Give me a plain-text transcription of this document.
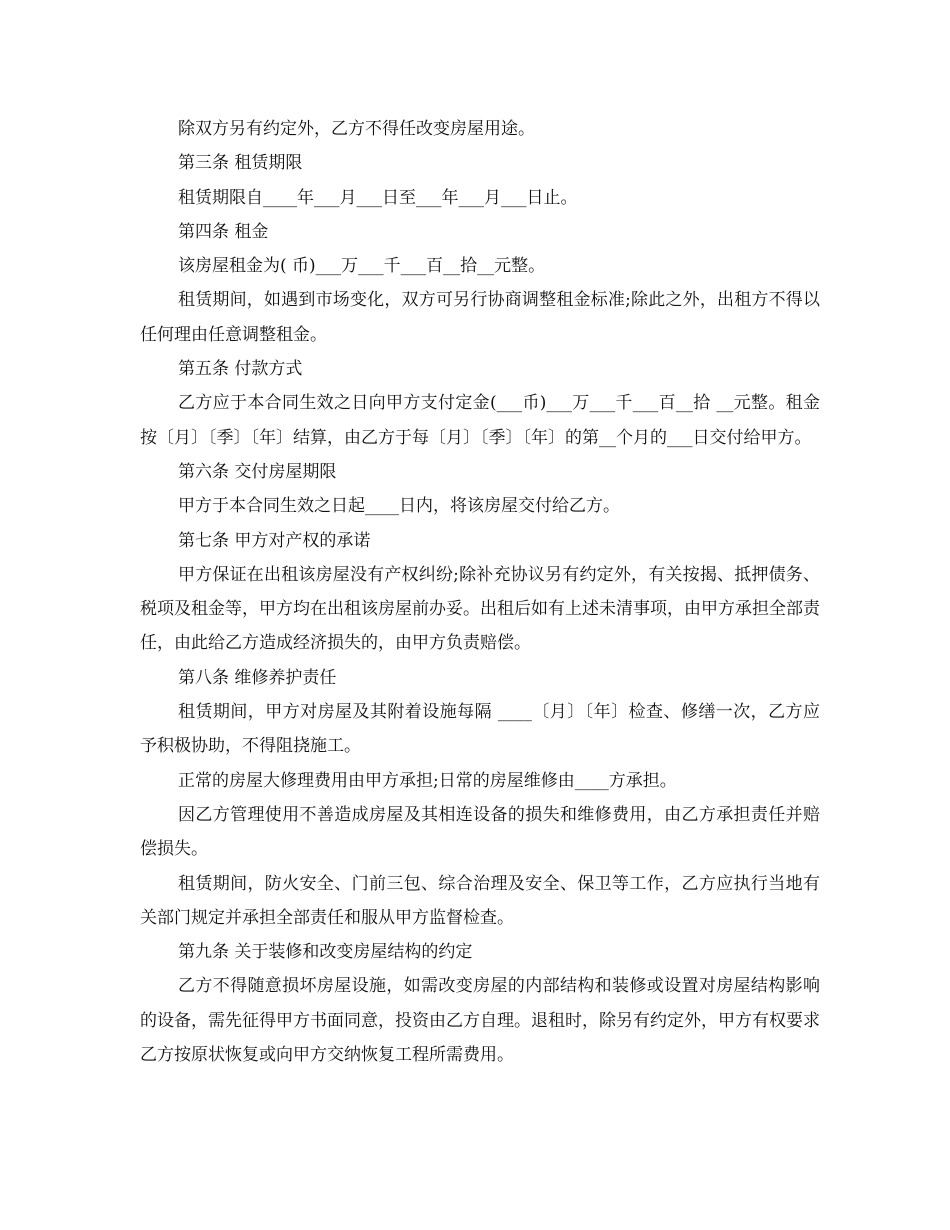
除双方另有约定外，乙方不得任改变房屋用途。

第三条 租赁期限

租赁期限自____年___月___日至___年___月___日止。

第四条 租金

该房屋租金为( 币)___万___千___百__拾__元整。

租赁期间，如遇到市场变化，双方可另行协商调整租金标准;除此之外，出租方不得以任何理由任意调整租金。

第五条 付款方式

乙方应于本合同生效之日向甲方支付定金(___币)___万___千___百__拾 __元整。租金按〔月〕〔季〕〔年〕结算，由乙方于每〔月〕〔季〕〔年〕的第__个月的___日交付给甲方。

第六条 交付房屋期限

甲方于本合同生效之日起____日内，将该房屋交付给乙方。

第七条 甲方对产权的承诺

甲方保证在出租该房屋没有产权纠纷;除补充协议另有约定外，有关按揭、抵押债务、税项及租金等，甲方均在出租该房屋前办妥。出租后如有上述未清事项，由甲方承担全部责任，由此给乙方造成经济损失的，由甲方负责赔偿。

第八条 维修养护责任

租赁期间，甲方对房屋及其附着设施每隔 ____〔月〕〔年〕检查、修缮一次，乙方应予积极协助，不得阻挠施工。

正常的房屋大修理费用由甲方承担;日常的房屋维修由____方承担。

因乙方管理使用不善造成房屋及其相连设备的损失和维修费用，由乙方承担责任并赔偿损失。

租赁期间，防火安全、门前三包、综合治理及安全、保卫等工作，乙方应执行当地有关部门规定并承担全部责任和服从甲方监督检查。

第九条 关于装修和改变房屋结构的约定

乙方不得随意损坏房屋设施，如需改变房屋的内部结构和装修或设置对房屋结构影响的设备，需先征得甲方书面同意，投资由乙方自理。退租时，除另有约定外，甲方有权要求乙方按原状恢复或向甲方交纳恢复工程所需费用。
